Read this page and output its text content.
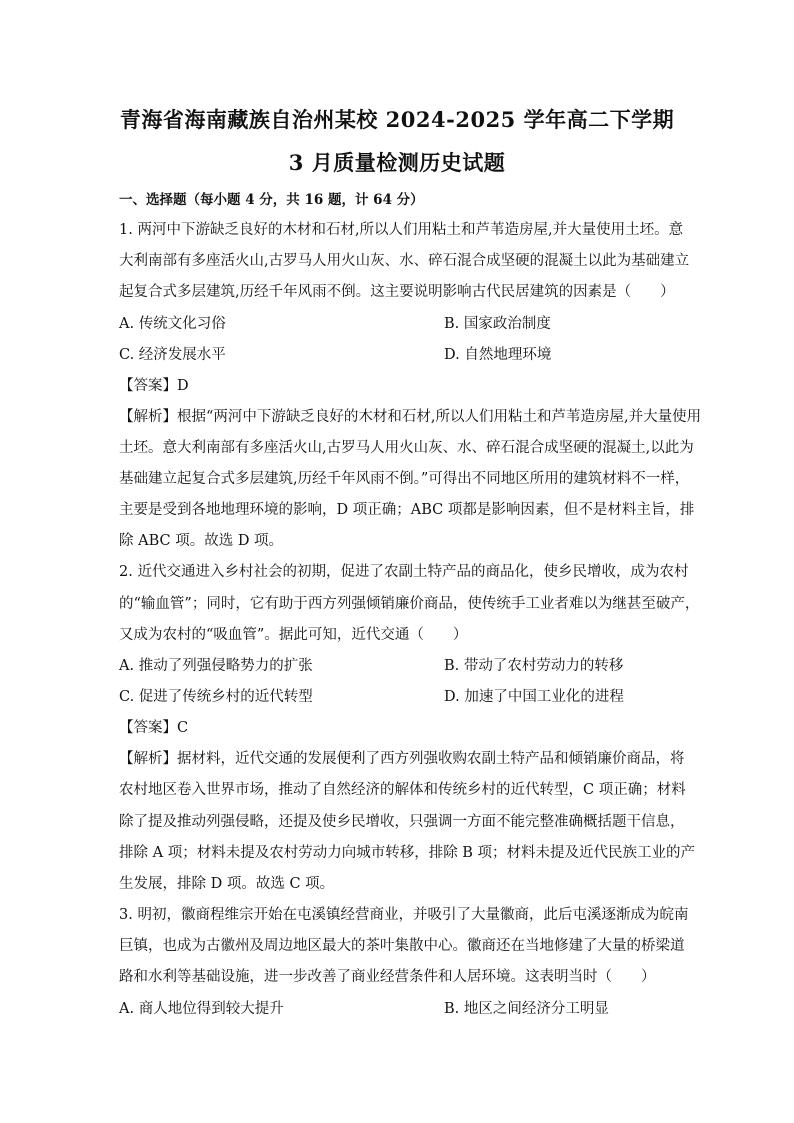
青海省海南藏族自治州某校 2024-2025 学年高二下学期
3 月质量检测历史试题
一、选择题（每小题 4 分，共 16 题，计 64 分）
1. 两河中下游缺乏良好的木材和石材,所以人们用粘土和芦苇造房屋,并大量使用土坯。意
大利南部有多座活火山,古罗马人用火山灰、水、碎石混合成坚硬的混凝土以此为基础建立
起复合式多层建筑,历经千年风雨不倒。这主要说明影响古代民居建筑的因素是（　　）
A. 传统文化习俗	B. 国家政治制度
C. 经济发展水平	D. 自然地理环境
【答案】D
【解析】根据“两河中下游缺乏良好的木材和石材,所以人们用粘土和芦苇造房屋,并大量使用
土坯。意大利南部有多座活火山,古罗马人用火山灰、水、碎石混合成坚硬的混凝土,以此为
基础建立起复合式多层建筑,历经千年风雨不倒。”可得出不同地区所用的建筑材料不一样，
主要是受到各地地理环境的影响，D 项正确；ABC 项都是影响因素，但不是材料主旨，排
除 ABC 项。故选 D 项。
2. 近代交通进入乡村社会的初期，促进了农副土特产品的商品化，使乡民增收，成为农村
的“输血管”；同时，它有助于西方列强倾销廉价商品，使传统手工业者难以为继甚至破产，
又成为农村的“吸血管”。据此可知，近代交通（　　）
A. 推动了列强侵略势力的扩张	B. 带动了农村劳动力的转移
C. 促进了传统乡村的近代转型	D. 加速了中国工业化的进程
【答案】C
【解析】据材料，近代交通的发展便利了西方列强收购农副土特产品和倾销廉价商品，将
农村地区卷入世界市场，推动了自然经济的解体和传统乡村的近代转型，C 项正确；材料
除了提及推动列强侵略，还提及使乡民增收，只强调一方面不能完整准确概括题干信息，
排除 A 项；材料未提及农村劳动力向城市转移，排除 B 项；材料未提及近代民族工业的产
生发展，排除 D 项。故选 C 项。
3. 明初，徽商程维宗开始在屯溪镇经营商业，并吸引了大量徽商，此后屯溪逐渐成为皖南
巨镇，也成为古徽州及周边地区最大的茶叶集散中心。徽商还在当地修建了大量的桥梁道
路和水利等基础设施，进一步改善了商业经营条件和人居环境。这表明当时（　　）
A. 商人地位得到较大提升	B. 地区之间经济分工明显
